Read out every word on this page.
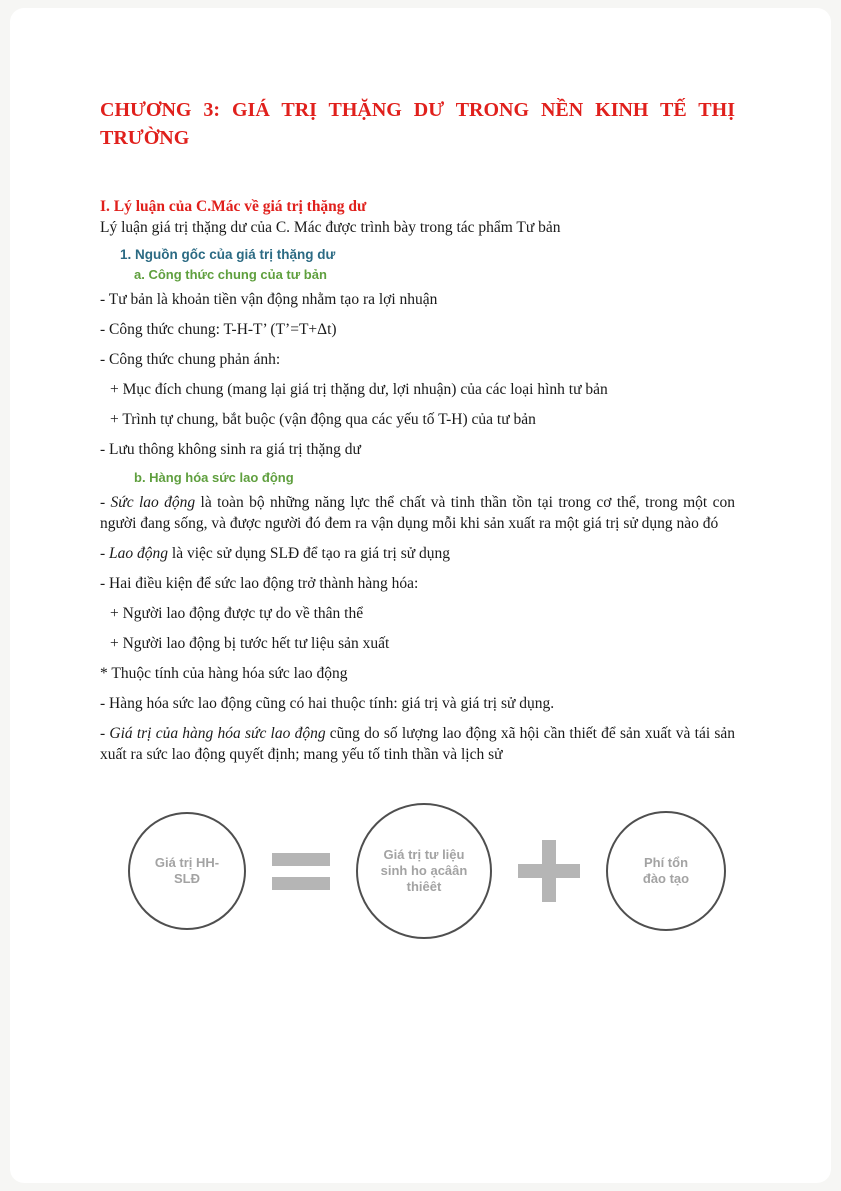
CHƯƠNG 3: GIÁ TRỊ THẶNG DƯ TRONG NỀN KINH TẾ THỊ TRƯỜNG
I. Lý luận của C.Mác về giá trị thặng dư

Lý luận giá trị thặng dư của C. Mác được trình bày trong tác phẩm Tư bản

1. Nguồn gốc của giá trị thặng dư
a. Công thức chung của tư bản

- Tư bản là khoản tiền vận động nhằm tạo ra lợi nhuận

- Công thức chung: T-H-T’ (T’=T+Δt)

- Công thức chung phản ánh:

+ Mục đích chung (mang lại giá trị thặng dư, lợi nhuận) của các loại hình tư bản

+ Trình tự chung, bắt buộc (vận động qua các yếu tố T-H) của tư bản

- Lưu thông không sinh ra giá trị thặng dư

b. Hàng hóa sức lao động

- Sức lao động là toàn bộ những năng lực thể chất và tinh thần tồn tại trong cơ thể, trong một con người đang sống, và được người đó đem ra vận dụng mỗi khi sản xuất ra một giá trị sử dụng nào đó

- Lao động là việc sử dụng SLĐ để tạo ra giá trị sử dụng

- Hai điều kiện để sức lao động trở thành hàng hóa:

+ Người lao động được tự do về thân thể

+ Người lao động bị tước hết tư liệu sản xuất

* Thuộc tính của hàng hóa sức lao động

- Hàng hóa sức lao động cũng có hai thuộc tính: giá trị và giá trị sử dụng.

- Giá trị của hàng hóa sức lao động cũng do số lượng lao động xã hội cần thiết để sản xuất và tái sản xuất ra sức lao động quyết định; mang yếu tố tinh thần và lịch sử

Giá trị HH-SLĐ
Giá trị tư liệu sinh ho ạcâân thiêêt
Phí tổn đào tạo
